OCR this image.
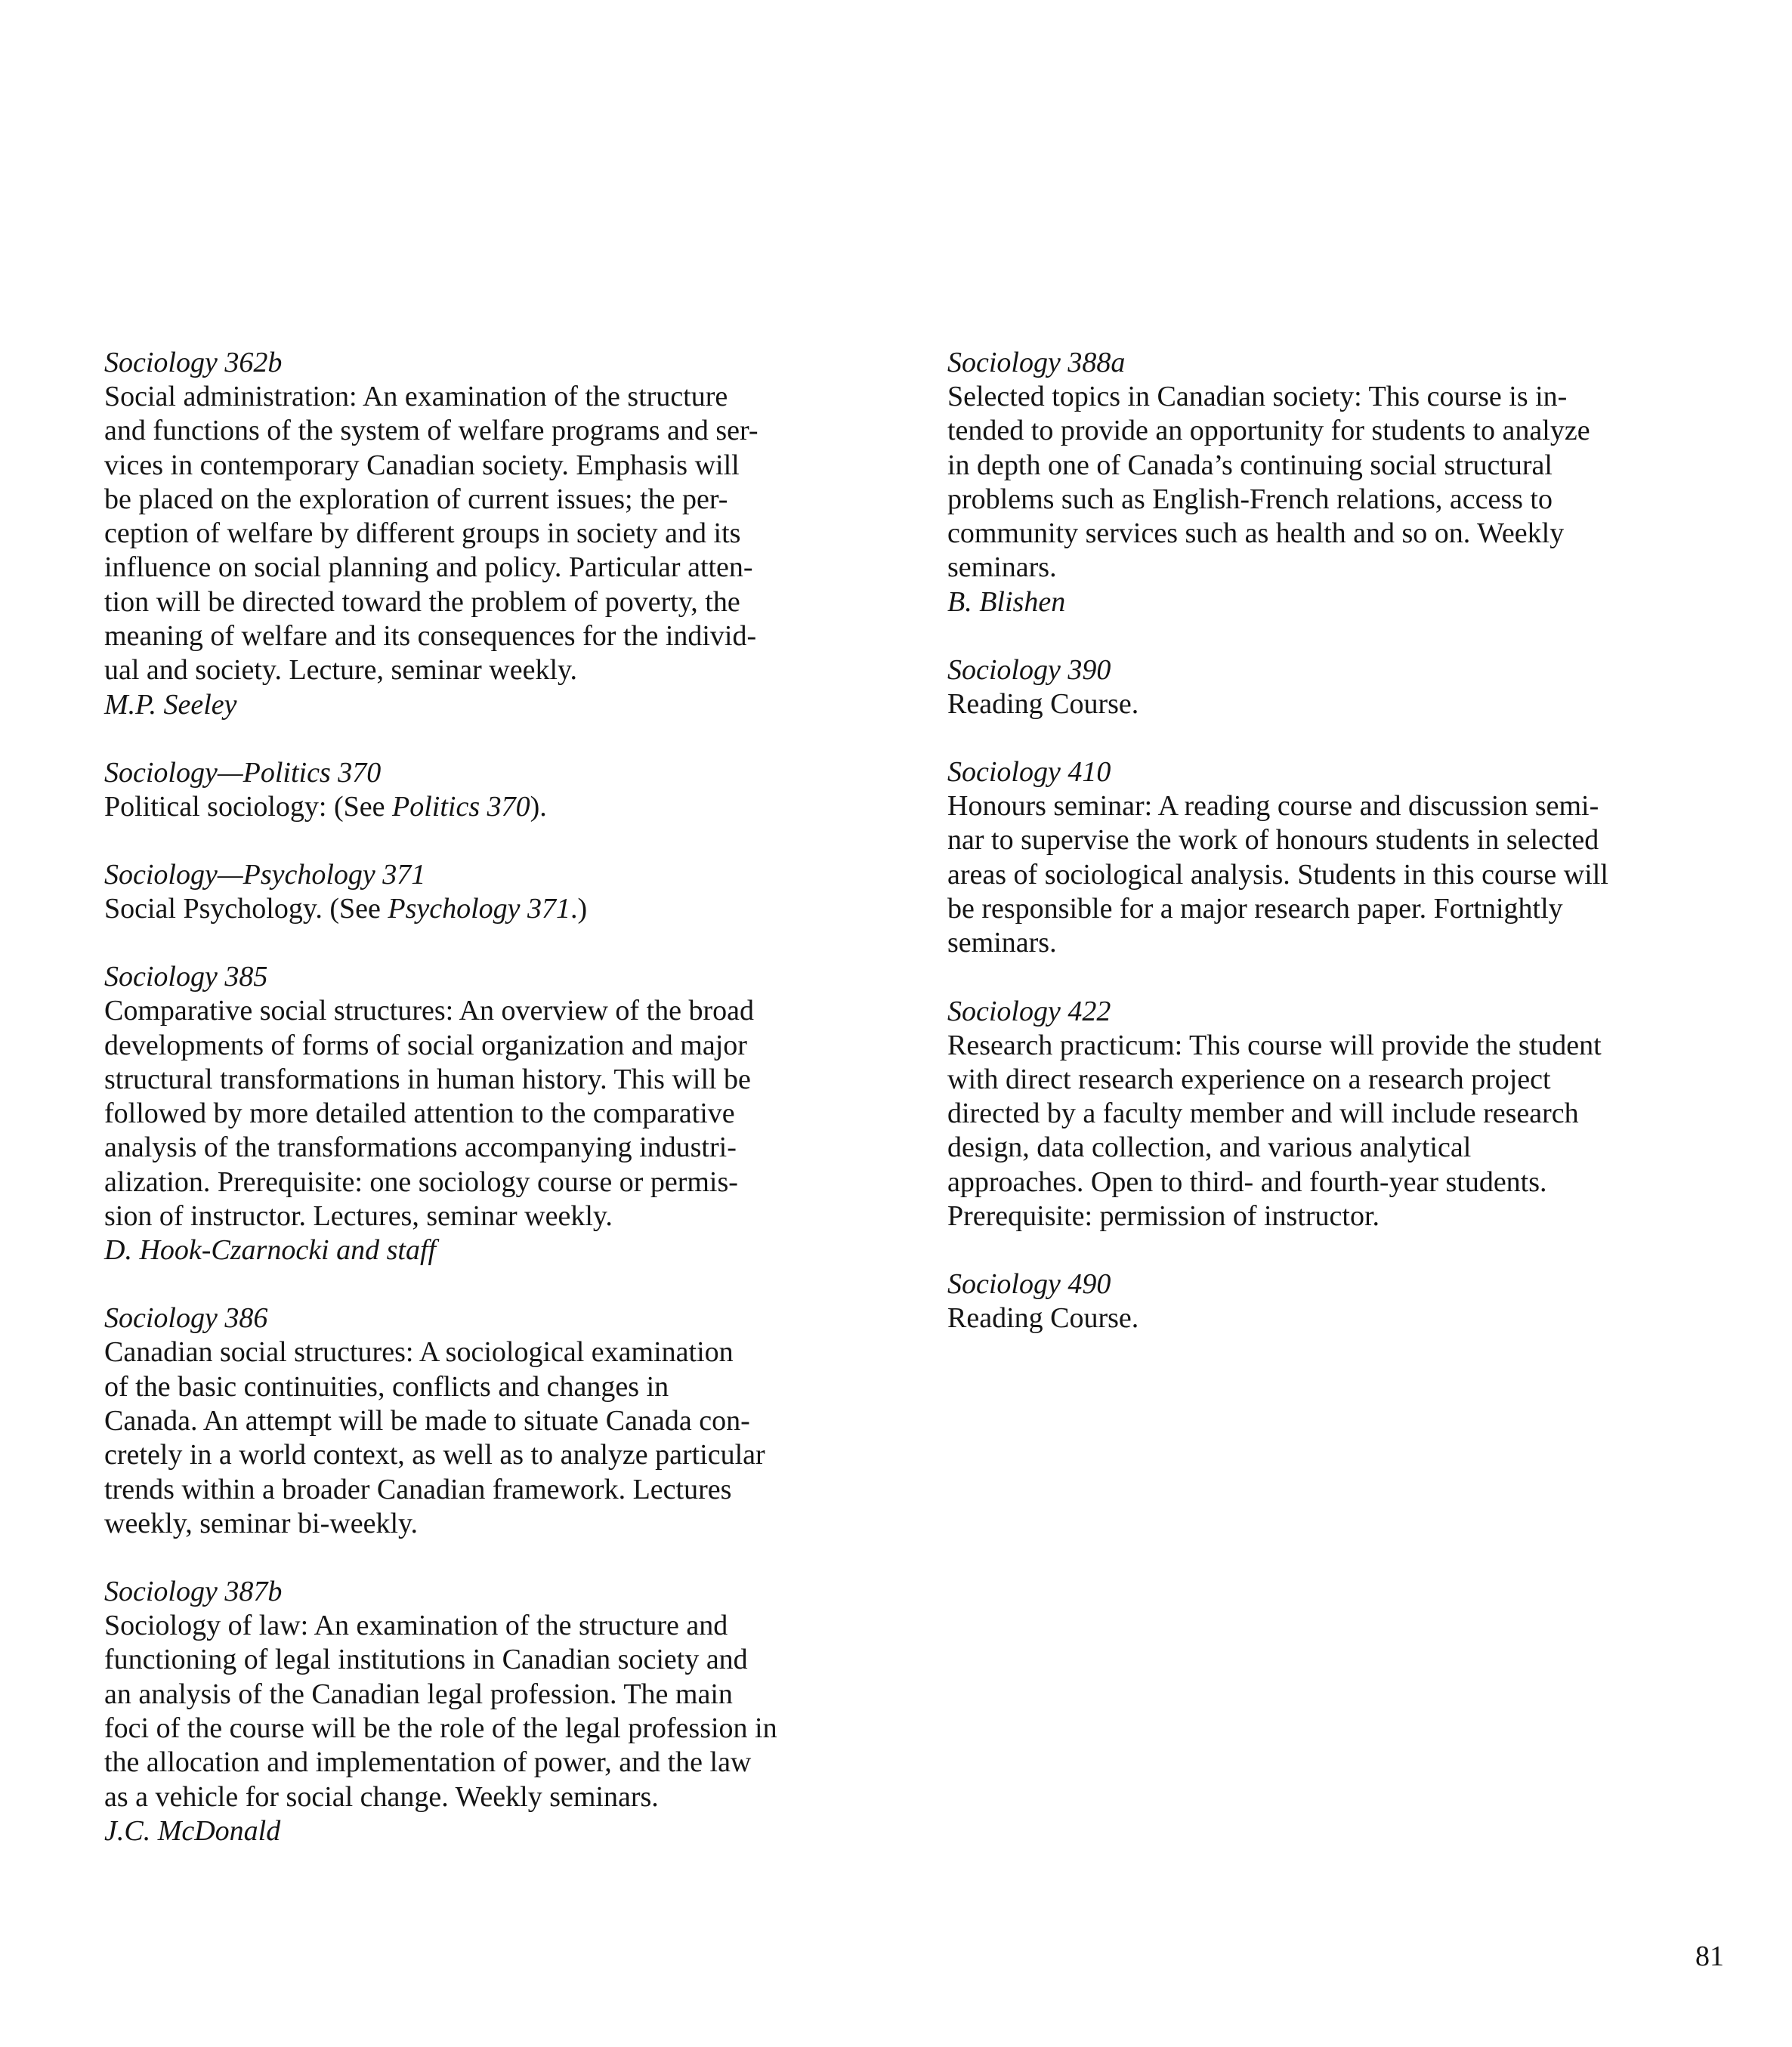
Sociology 362b

Social administration: An examination of the structure
and functions of the system of welfare programs and ser-
vices in contemporary Canadian society. Emphasis will
be placed on the exploration of current issues; the per-
ception of welfare by different groups in society and its
influence on social planning and policy. Particular atten-
tion will be directed toward the problem of poverty, the
meaning of welfare and its consequences for the individ-
ual and society. Lecture, seminar weekly.

M.P. Seeley

Sociology—Politics 370

Political sociology: (See Politics 370).

Sociology—Psychology 371

Social Psychology. (See Psychology 371.)

Sociology 385

Comparative social structures: An overview of the broad
developments of forms of social organization and major
structural transformations in human history. This will be
followed by more detailed attention to the comparative
analysis of the transformations accompanying industri-
alization. Prerequisite: one sociology course or permis-
sion of instructor. Lectures, seminar weekly.

D. Hook-Czarnocki and staff

Sociology 386

Canadian social structures: A sociological examination
of the basic continuities, conflicts and changes in
Canada. An attempt will be made to situate Canada con-
cretely in a world context, as well as to analyze particular
trends within a broader Canadian framework. Lectures
weekly, seminar bi-weekly.

Sociology 387b

Sociology of law: An examination of the structure and
functioning of legal institutions in Canadian society and
an analysis of the Canadian legal profession. The main
foci of the course will be the role of the legal profession in
the allocation and implementation of power, and the law
as a vehicle for social change. Weekly seminars.

J.C. McDonald

Sociology 388a

Selected topics in Canadian society: This course is in-
tended to provide an opportunity for students to analyze
in depth one of Canada’s continuing social structural
problems such as English-French relations, access to
community services such as health and so on. Weekly
seminars.

B. Blishen

Sociology 390

Reading Course.

Sociology 410

Honours seminar: A reading course and discussion semi-
nar to supervise the work of honours students in selected
areas of sociological analysis. Students in this course will
be responsible for a major research paper. Fortnightly
seminars.

Sociology 422

Research practicum: This course will provide the student
with direct research experience on a research project
directed by a faculty member and will include research
design, data collection, and various analytical
approaches. Open to third- and fourth-year students.
Prerequisite: permission of instructor.

Sociology 490

Reading Course.

81
